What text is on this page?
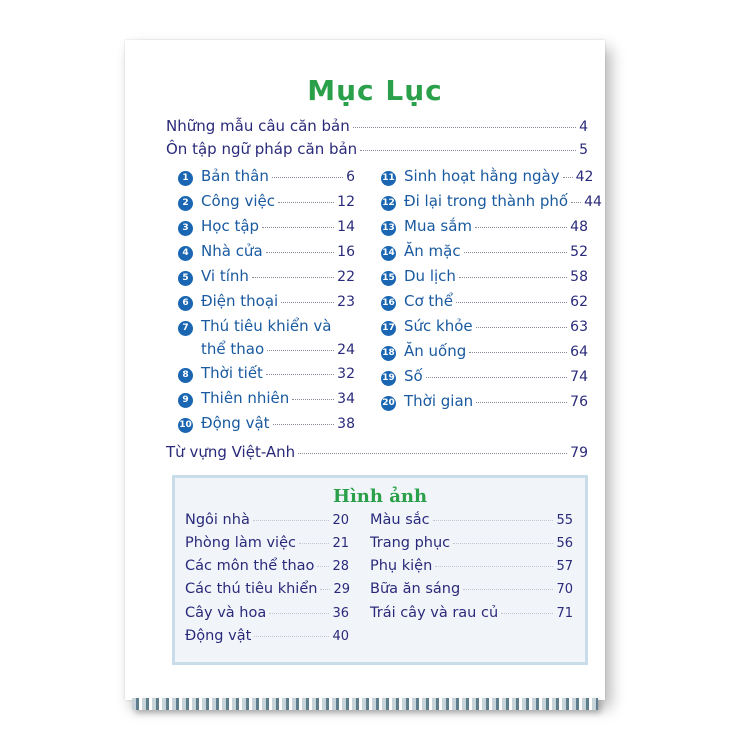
Mục Lục
Những mẫu câu căn bản	4
Ôn tập ngữ pháp căn bản	5
1 Bản thân	6
2 Công việc	12
3 Học tập	14
4 Nhà cửa	16
5 Vi tính	22
6 Điện thoại	23
7 Thú tiêu khiển và
thể thao	24
8 Thời tiết	32
9 Thiên nhiên	34
10 Động vật	38
11 Sinh hoạt hằng ngày 42
12 Đi lại trong thành phố 44
13 Mua sắm	48
14 Ăn mặc	52
15 Du lịch	58
16 Cơ thể	62
17 Sức khỏe	63
18 Ăn uống	64
19 Số	74
20 Thời gian	76
Từ vựng Việt-Anh	79
Hình ảnh
Ngôi nhà	20
Phòng làm việc	21
Các môn thể thao 28
Các thú tiêu khiển 29
Cây và hoa	36
Động vật	40
Màu sắc	55
Trang phục	56
Phụ kiện	57
Bữa ăn sáng	70
Trái cây và rau củ	71
